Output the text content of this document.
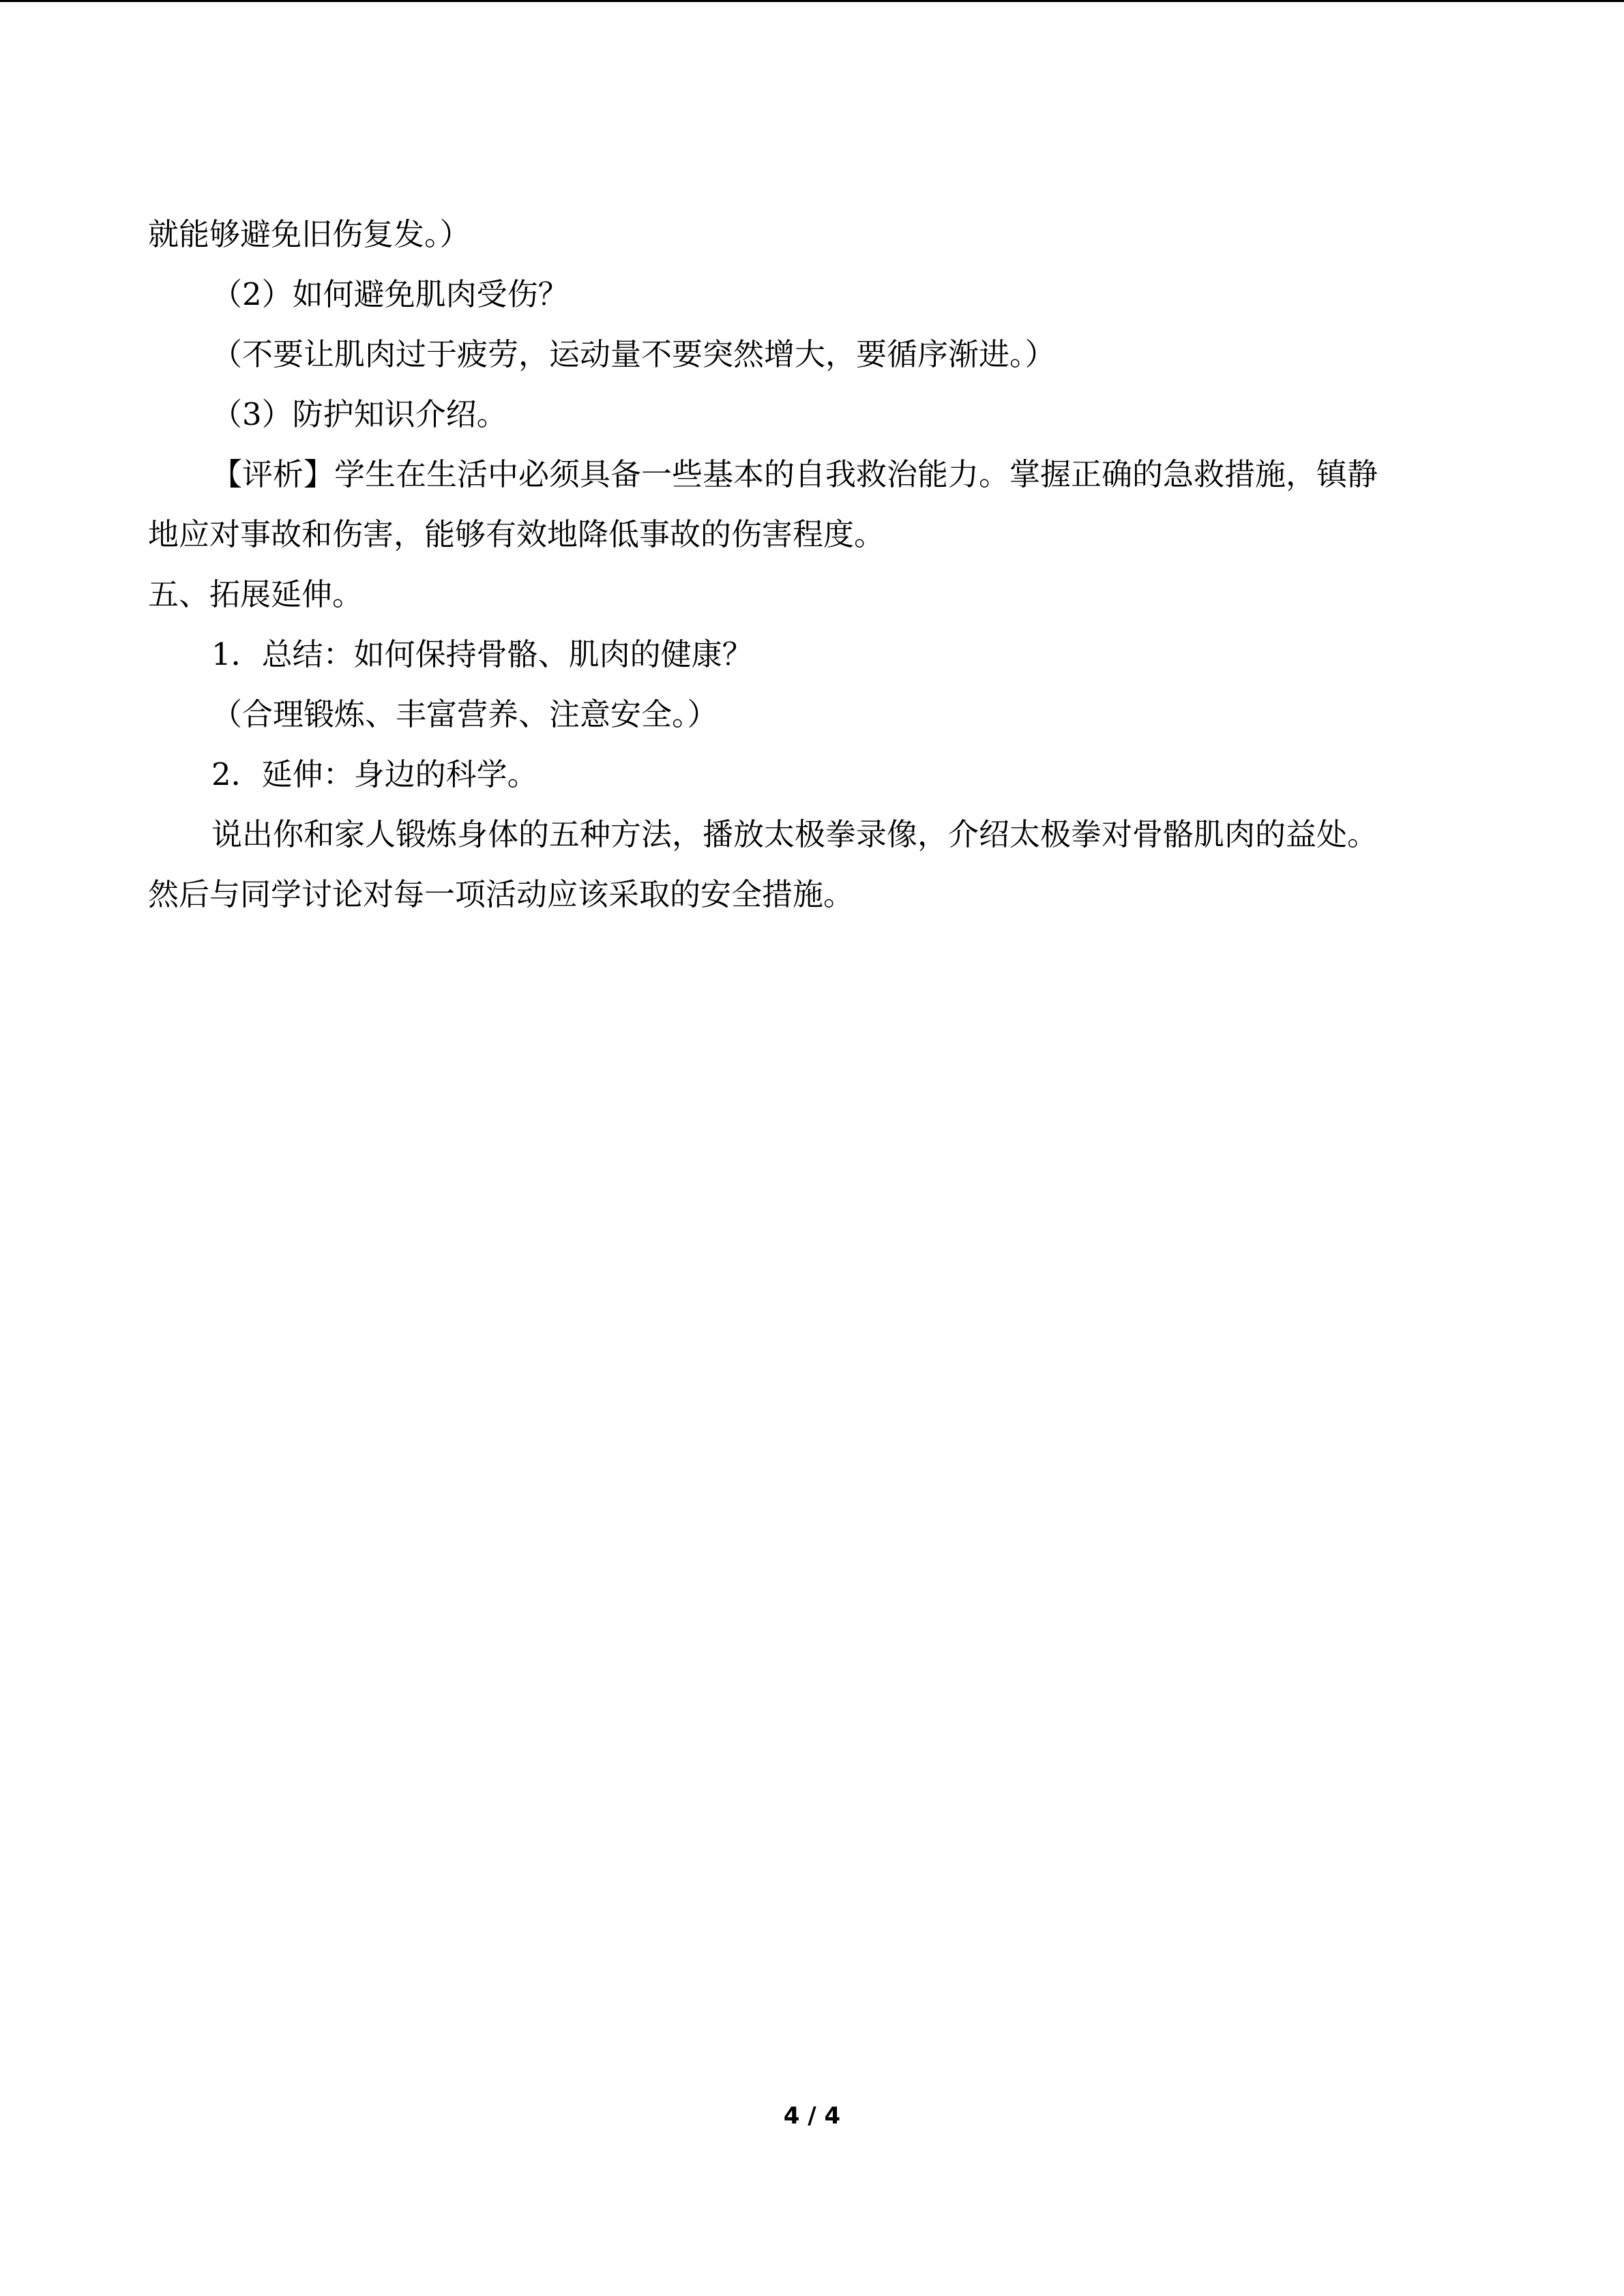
就能够避免旧伤复发。）
（2）如何避免肌肉受伤？
（不要让肌肉过于疲劳，运动量不要突然增大，要循序渐进。）
（3）防护知识介绍。
【评析】学生在生活中必须具备一些基本的自我救治能力。掌握正确的急救措施，镇静
地应对事故和伤害，能够有效地降低事故的伤害程度。
五、拓展延伸。
1．总结：如何保持骨骼、肌肉的健康？
（合理锻炼、丰富营养、注意安全。）
2．延伸：身边的科学。
说出你和家人锻炼身体的五种方法，播放太极拳录像，介绍太极拳对骨骼肌肉的益处。
然后与同学讨论对每一项活动应该采取的安全措施。
4 / 4
